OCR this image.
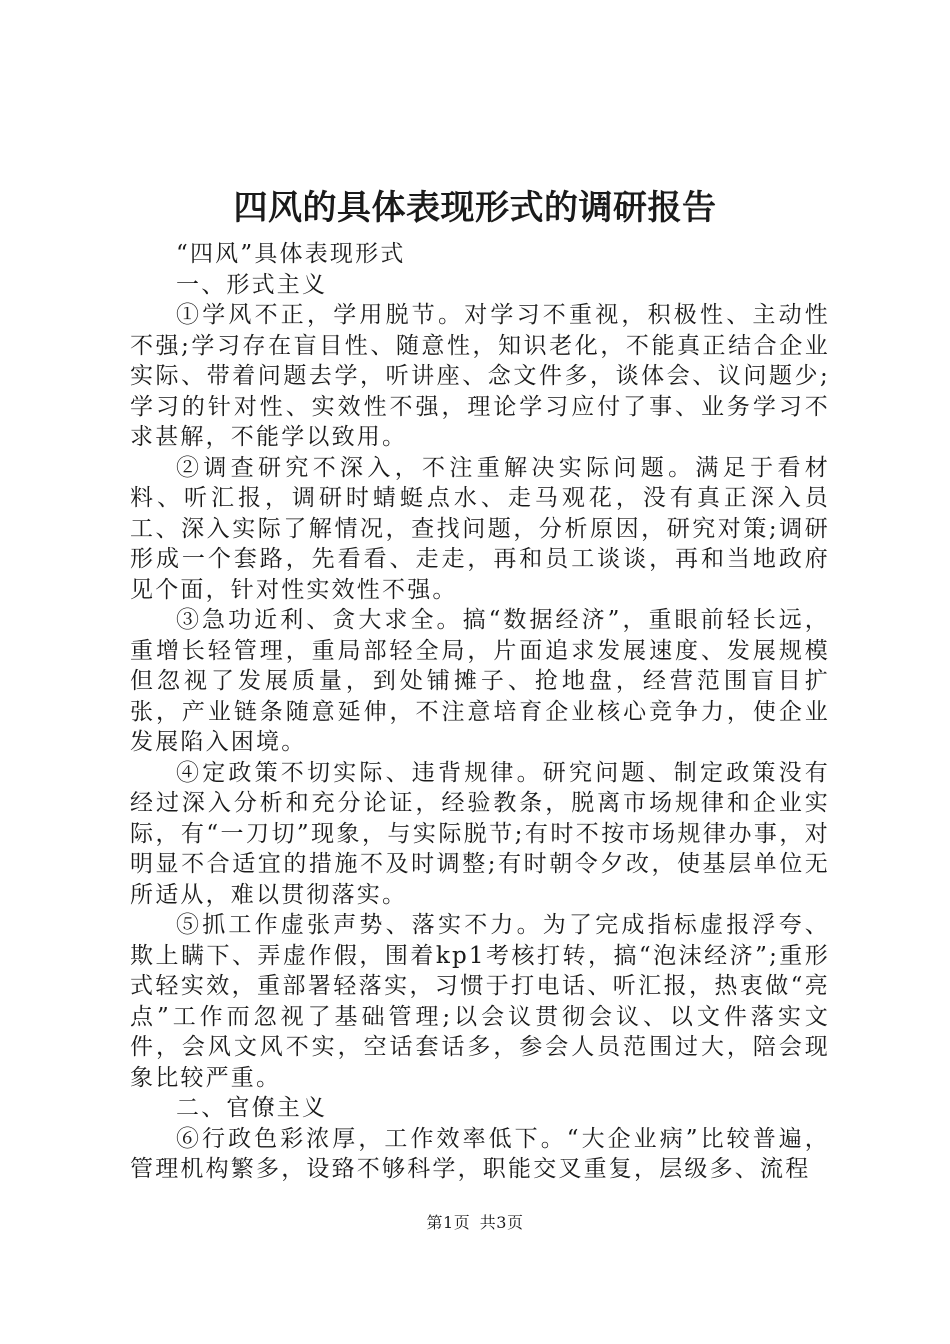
四风的具体表现形式的调研报告

“四风”具体表现形式

一、形式主义

①学风不正，学用脱节。对学习不重视，积极性、主动性不强;学习存在盲目性、随意性，知识老化，不能真正结合企业实际、带着问题去学，听讲座、念文件多，谈体会、议问题少;学习的针对性、实效性不强，理论学习应付了事、业务学习不求甚解，不能学以致用。

②调查研究不深入，不注重解决实际问题。满足于看材料、听汇报，调研时蜻蜓点水、走马观花，没有真正深入员工、深入实际了解情况，查找问题，分析原因，研究对策;调研形成一个套路，先看看、走走，再和员工谈谈，再和当地政府见个面，针对性实效性不强。

③急功近利、贪大求全。搞“数据经济”，重眼前轻长远，重增长轻管理，重局部轻全局，片面追求发展速度、发展规模但忽视了发展质量，到处铺摊子、抢地盘，经营范围盲目扩张，产业链条随意延伸，不注意培育企业核心竞争力，使企业发展陷入困境。

④定政策不切实际、违背规律。研究问题、制定政策没有经过深入分析和充分论证，经验教条，脱离市场规律和企业实际，有“一刀切”现象，与实际脱节;有时不按市场规律办事，对明显不合适宜的措施不及时调整;有时朝令夕改，使基层单位无所适从，难以贯彻落实。

⑤抓工作虚张声势、落实不力。为了完成指标虚报浮夸、欺上瞒下、弄虚作假，围着kp1考核打转，搞“泡沫经济”;重形式轻实效，重部署轻落实，习惯于打电话、听汇报，热衷做“亮点”工作而忽视了基础管理;以会议贯彻会议、以文件落实文件，会风文风不实，空话套话多，参会人员范围过大，陪会现象比较严重。

二、官僚主义

⑥行政色彩浓厚，工作效率低下。“大企业病”比较普遍，管理机构繁多，设臵不够科学，职能交叉重复，层级多、流程

第1页 共3页
